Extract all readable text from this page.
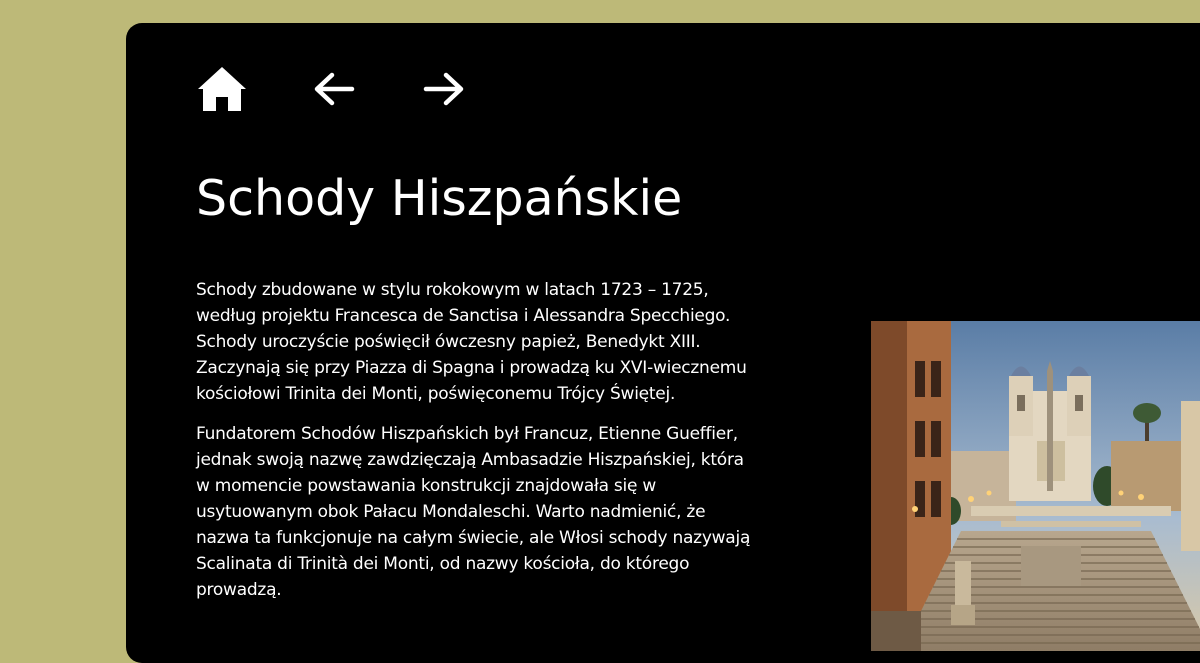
Schody Hiszpańskie

Schody zbudowane w stylu rokokowym w latach 1723 – 1725, według projektu Francesca de Sanctisa i Alessandra Specchiego. Schody uroczyście poświęcił ówczesny papież, Benedykt XIII. Zaczynają się przy Piazza di Spagna i prowadzą ku XVI-wiecznemu kościołowi Trinita dei Monti, poświęconemu Trójcy Świętej.

Fundatorem Schodów Hiszpańskich był Francuz, Etienne Gueffier, jednak swoją nazwę zawdzięczają Ambasadzie Hiszpańskiej, która w momencie powstawania konstrukcji znajdowała się w usytuowanym obok Pałacu Mondaleschi. Warto nadmienić, że nazwa ta funkcjonuje na całym świecie, ale Włosi schody nazywają Scalinata di Trinità dei Monti, od nazwy kościoła, do którego prowadzą.
